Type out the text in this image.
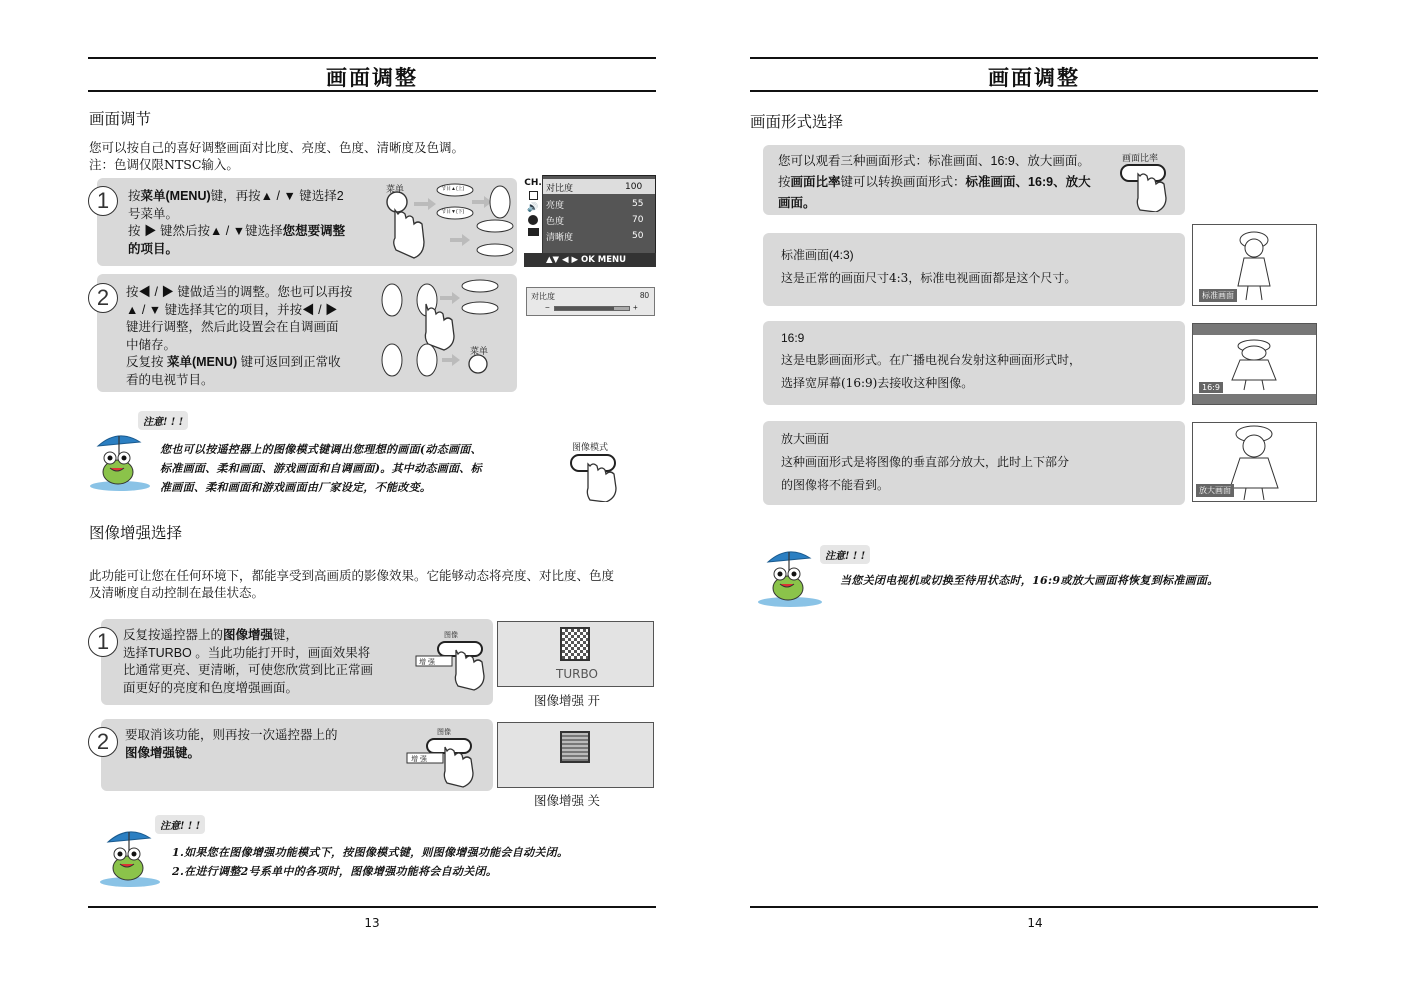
画面调整
画面调节
您可以按自己的喜好调整画面对比度、亮度、色度、清晰度及色调。
注：色调仅限NTSC输入。
1	按菜单(MENU)键，再按▲ / ▼ 键选择2
号菜单。
按 ▶ 键然后按▲ / ▼键选择您想要调整
的项目。
菜单	节目▲(上)
节目▼(下)
CH.
🔊
对比度	100
亮度	55
色度	70
清晰度	50
▲▼ ◀ ▶ OK MENU
2	按◀ / ▶ 键做适当的调整。您也可以再按
▲ / ▼ 键选择其它的项目，并按◀ / ▶
键进行调整，然后此设置会在自调画面
中储存。
反复按 菜单(MENU) 键可返回到正常收
看的电视节目。
菜单
对比度	80
−	+
注意! ! !
您也可以按遥控器上的图像模式键调出您理想的画面(动态画面、
标准画面、柔和画面、游戏画面和自调画面)。其中动态画面、标
准画面、柔和画面和游戏画面由厂家设定，不能改变。
图像模式
图像增强选择
此功能可让您在任何环境下，都能享受到高画质的影像效果。它能够动态将亮度、对比度、色度
及清晰度自动控制在最佳状态。
1	反复按遥控器上的图像增强键，
选择TURBO 。当此功能打开时，画面效果将
比通常更亮、更清晰，可使您欣赏到比正常画
面更好的亮度和色度增强画面。
图像
增 强
TURBO
图像增强 开
2	要取消该功能，则再按一次遥控器上的
图像增强键。
图像
增 强
图像增强 关
注意! ! !
1.如果您在图像增强功能模式下，按图像模式键，则图像增强功能会自动关闭。
2.在进行调整2号系单中的各项时，图像增强功能将会自动关闭。
13
画面调整
画面形式选择
您可以观看三种画面形式：标准画面、16:9、放大画面。
按画面比率键可以转换画面形式：标准画面、16:9、放大
画面。
画面比率
标准画面(4:3)
这是正常的画面尺寸4:3，标准电视画面都是这个尺寸。
标准画面
16:9
这是电影画面形式。在广播电视台发射这种画面形式时，
选择宽屏幕(16:9)去接收这种图像。	16:9
放大画面
这种画面形式是将图像的垂直部分放大，此时上下部分
的图像将不能看到。	放大画面
注意! ! !
当您关闭电视机或切换至待用状态时，16:9或放大画面将恢复到标准画面。
14
